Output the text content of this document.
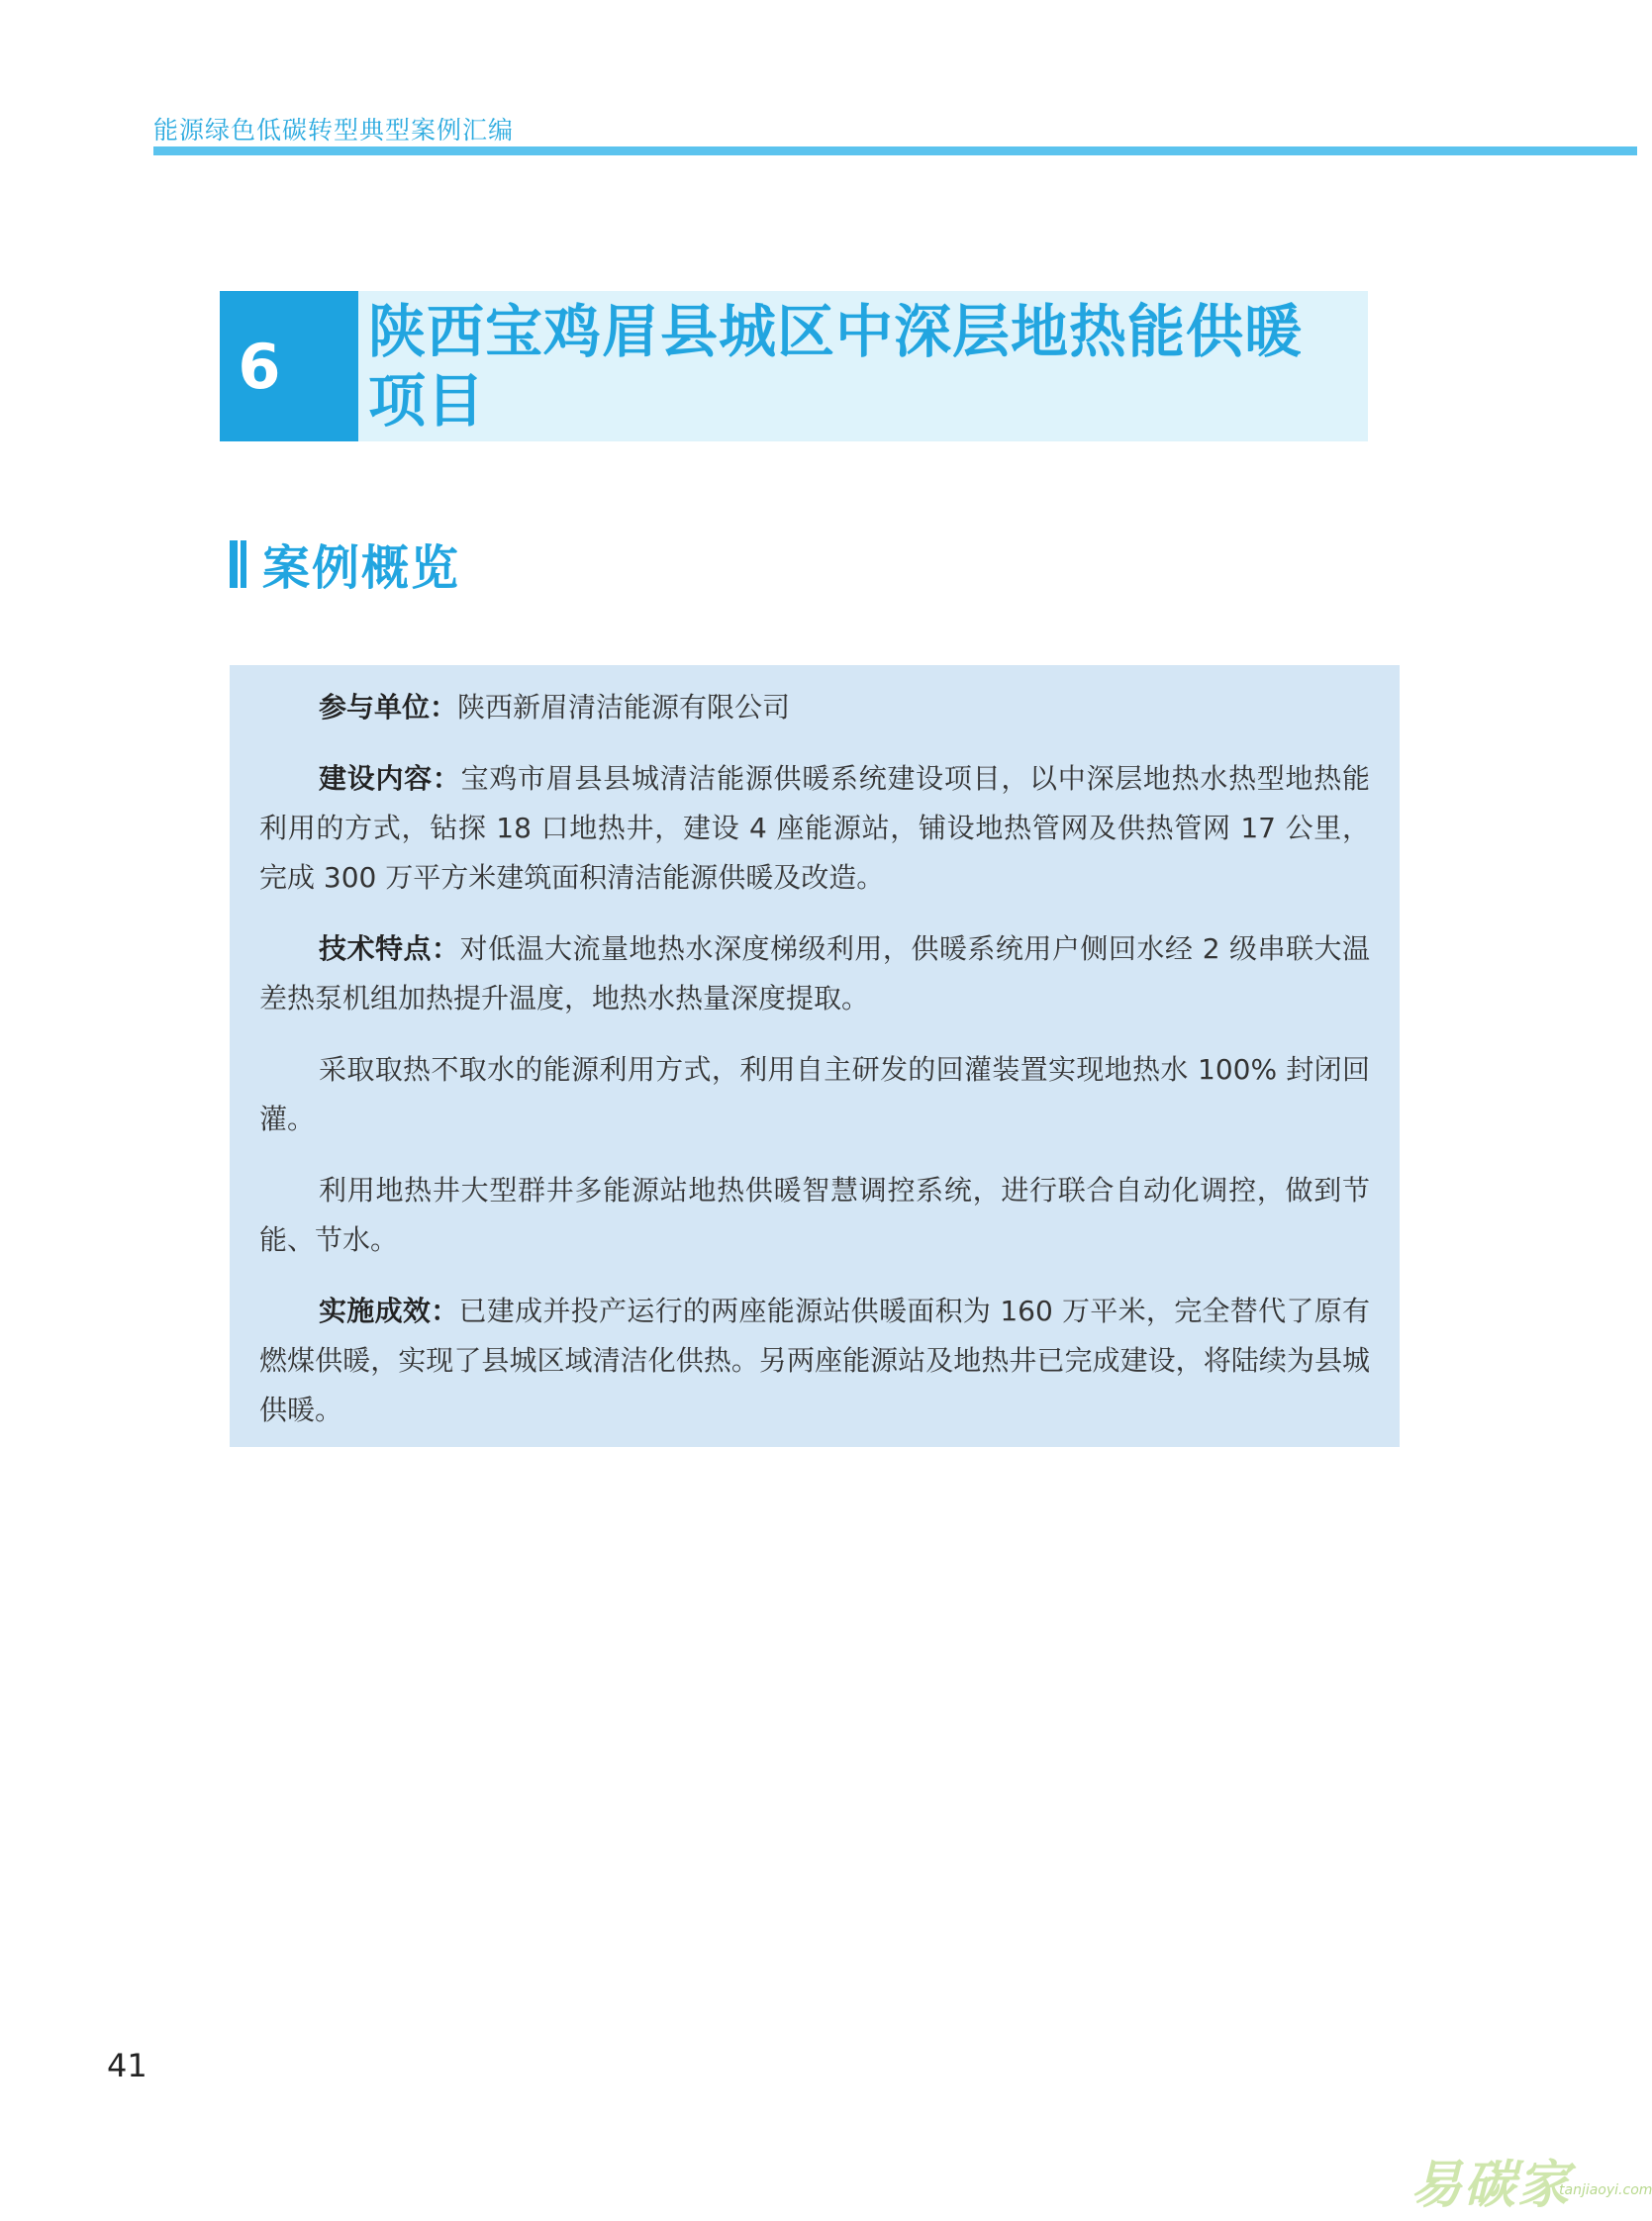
能源绿色低碳转型典型案例汇编
6	陕西宝鸡眉县城区中深层地热能供暖
项目
案例概览

参与单位：陕西新眉清洁能源有限公司

建设内容：宝鸡市眉县县城清洁能源供暖系统建设项目，以中深层地热水热型地热能利用的方式，钻探 18 口地热井，建设 4 座能源站，铺设地热管网及供热管网 17 公里，完成 300 万平方米建筑面积清洁能源供暖及改造。

技术特点：对低温大流量地热水深度梯级利用，供暖系统用户侧回水经 2 级串联大温差热泵机组加热提升温度，地热水热量深度提取。

采取取热不取水的能源利用方式，利用自主研发的回灌装置实现地热水 100% 封闭回灌。

利用地热井大型群井多能源站地热供暖智慧调控系统，进行联合自动化调控，做到节能、节水。

实施成效：已建成并投产运行的两座能源站供暖面积为 160 万平米，完全替代了原有燃煤供暖，实现了县城区域清洁化供热。另两座能源站及地热井已完成建设，将陆续为县城供暖。

41
易碳家
tanjiaoyi.com
